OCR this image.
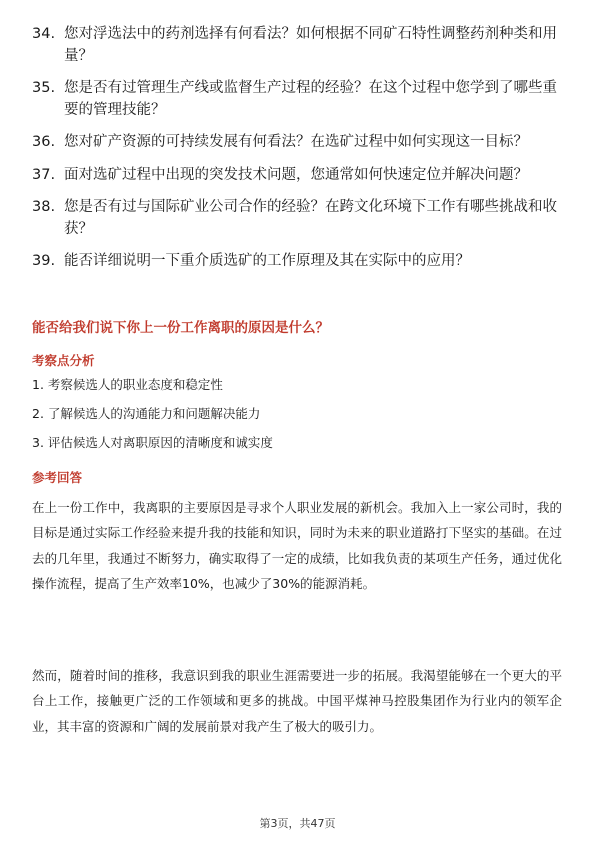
34. 您对浮选法中的药剂选择有何看法？如何根据不同矿石特性调整药剂种类和用量？
35. 您是否有过管理生产线或监督生产过程的经验？在这个过程中您学到了哪些重要的管理技能？
36. 您对矿产资源的可持续发展有何看法？在选矿过程中如何实现这一目标？
37. 面对选矿过程中出现的突发技术问题，您通常如何快速定位并解决问题？
38. 您是否有过与国际矿业公司合作的经验？在跨文化环境下工作有哪些挑战和收获？
39. 能否详细说明一下重介质选矿的工作原理及其在实际中的应用？
能否给我们说下你上一份工作离职的原因是什么？
考察点分析
1. 考察候选人的职业态度和稳定性
2. 了解候选人的沟通能力和问题解决能力
3. 评估候选人对离职原因的清晰度和诚实度
参考回答

在上一份工作中，我离职的主要原因是寻求个人职业发展的新机会。我加入上一家公司时，我的目标是通过实际工作经验来提升我的技能和知识，同时为未来的职业道路打下坚实的基础。在过去的几年里，我通过不断努力，确实取得了一定的成绩，比如我负责的某项生产任务，通过优化操作流程，提高了生产效率10%，也减少了30%的能源消耗。

然而，随着时间的推移，我意识到我的职业生涯需要进一步的拓展。我渴望能够在一个更大的平台上工作，接触更广泛的工作领域和更多的挑战。中国平煤神马控股集团作为行业内的领军企业，其丰富的资源和广阔的发展前景对我产生了极大的吸引力。

第3页，共47页
